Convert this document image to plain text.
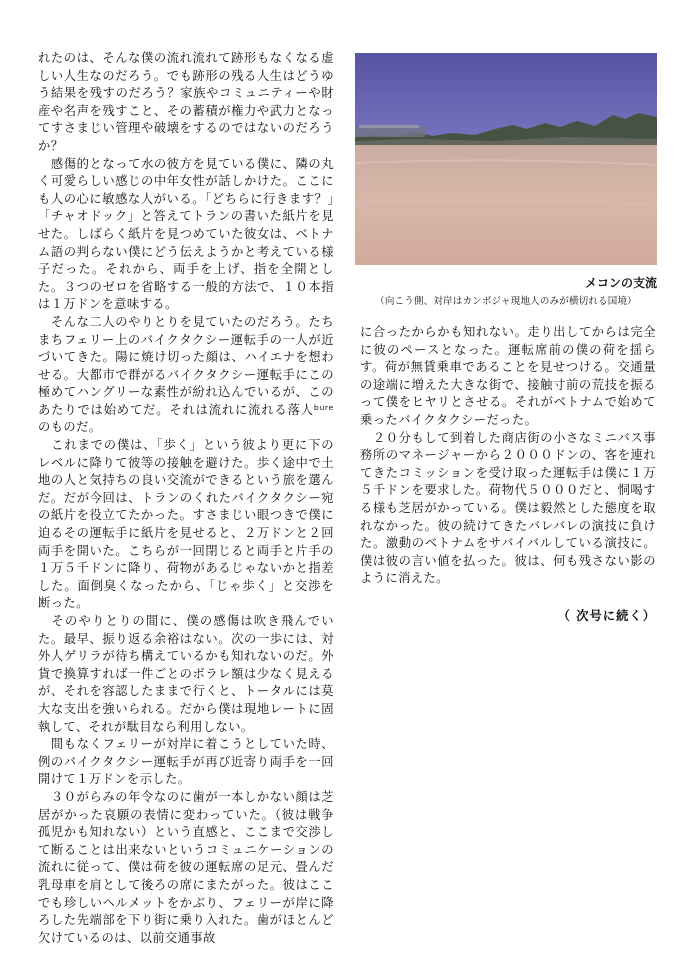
れたのは、そんな僕の流れ流れて跡形もなくなる虚しい人生なのだろう。でも跡形の残る人生はどうゆう結果を残すのだろう？家族やコミュニティーや財産や名声を残すこと、その蓄積が権力や武力となってすさまじい管理や破壊をするのではないのだろうか？

　感傷的となって水の彼方を見ている僕に、隣の丸く可愛らしい感じの中年女性が話しかけた。ここにも人の心に敏感な人がいる。「どちらに行きます？」「チャオドック」と答えてトランの書いた紙片を見せた。しばらく紙片を見つめていた彼女は、ベトナム語の判らない僕にどう伝えようかと考えている様子だった。それから、両手を上げ、指を全開とした。３つのゼロを省略する一般的方法で、１０本指は１万ドンを意味する。

　そんな二人のやりとりを見ていたのだろう。たちまちフェリー上のバイクタクシー運転手の一人が近づいてきた。陽に焼け切った顔は、ハイエナを想わせる。大都市で群がるバイクタクシー運転手にこの極めてハングリーな素性が紛れ込んでいるが、このあたりでは始めてだ。それは流れに流れる落人ᵇᵘʳᵉのものだ。

　これまでの僕は、「歩く」という彼より更に下のレベルに降りて彼等の接触を避けた。歩く途中で土地の人と気持ちの良い交流ができるという旅を選んだ。だが今回は、トランのくれたバイクタクシー宛の紙片を役立てたかった。すさまじい眼つきで僕に迫るその運転手に紙片を見せると、２万ドンと２回両手を開いた。こちらが一回閉じると両手と片手の１万５千ドンに降り、荷物があるじゃないかと指差した。面倒臭くなったから、「じゃ歩く」と交渉を断った。

　そのやりとりの間に、僕の感傷は吹き飛んでいた。最早、振り返る余裕はない。次の一歩には、対外人ゲリラが待ち構えているかも知れないのだ。外貨で換算すれば一件ごとのボラレ額は少なく見えるが、それを容認したままで行くと、トータルには莫大な支出を強いられる。だから僕は現地レートに固執して、それが駄目なら利用しない。

　間もなくフェリーが対岸に着こうとしていた時、例のバイクタクシー運転手が再び近寄り両手を一回開けて１万ドンを示した。

　３０がらみの年令なのに歯が一本しかない顔は芝居がかった哀願の表情に変わっていた。（彼は戦争孤児かも知れない）という直感と、ここまで交渉して断ることは出来ないというコミュニケーションの流れに従って、僕は荷を彼の運転席の足元、畳んだ乳母車を肩として後ろの席にまたがった。彼はここでも珍しいヘルメットをかぶり、フェリーが岸に降ろした先端部を下り街に乗り入れた。歯がほとんど欠けているのは、以前交通事故

メコンの支流
（向こう側、対岸はカンボジャ現地人のみが横切れる国境）

に合ったからかも知れない。走り出してからは完全に彼のペースとなった。運転席前の僕の荷を揺らす。荷が無賃乗車であることを見せつける。交通量の途端に増えた大きな街で、接触寸前の荒技を振るって僕をヒヤリとさせる。それがベトナムで始めて乗ったバイクタクシーだった。

　２０分もして到着した商店街の小さなミニバス事務所のマネージャーから２０００ドンの、客を連れてきたコミッションを受け取った運転手は僕に１万５千ドンを要求した。荷物代５０００だと、恫喝する様も芝居がかっている。僕は毅然とした態度を取れなかった。彼の続けてきたバレバレの演技に負けた。激動のベトナムをサバイバルしている演技に。僕は彼の言い値を払った。彼は、何も残さない影のように消えた。

（ 次号に続く）
